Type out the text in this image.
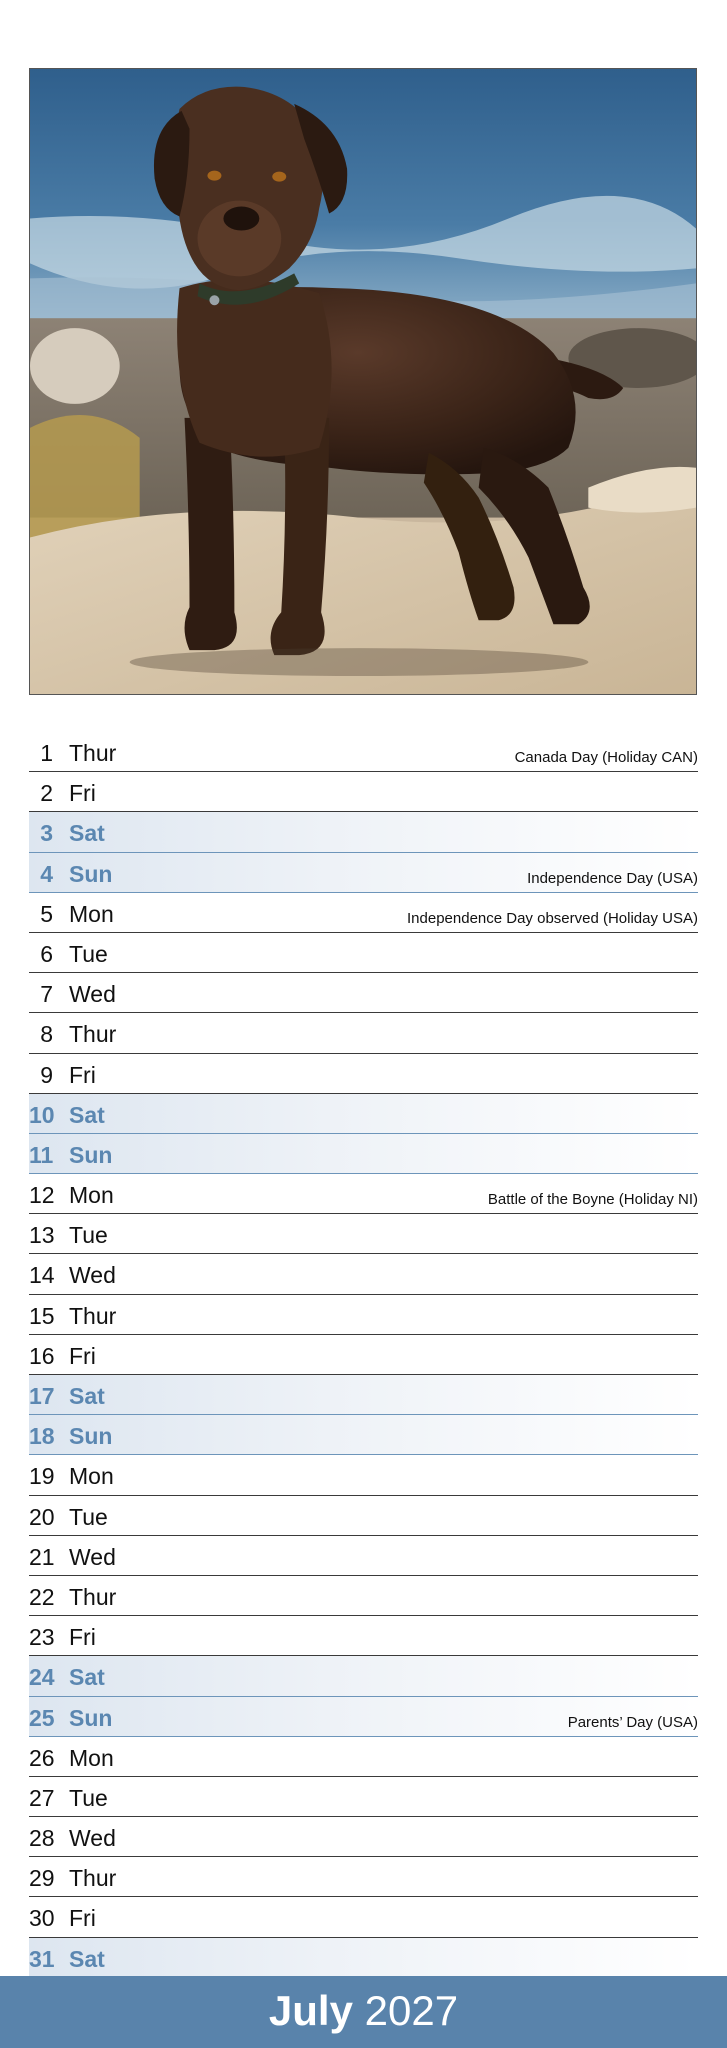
1 Thur	Canada Day (Holiday CAN)
2 Fri
3 Sat
4 Sun	Independence Day (USA)
5 Mon	Independence Day observed (Holiday USA)
6 Tue
7 Wed
8 Thur
9 Fri
10 Sat
11 Sun
12 Mon	Battle of the Boyne (Holiday NI)
13 Tue
14 Wed
15 Thur
16 Fri
17 Sat
18 Sun
19 Mon
20 Tue
21 Wed
22 Thur
23 Fri
24 Sat
25 Sun	Parents’ Day (USA)
26 Mon
27 Tue
28 Wed
29 Thur
30 Fri
31 Sat
July 2027
